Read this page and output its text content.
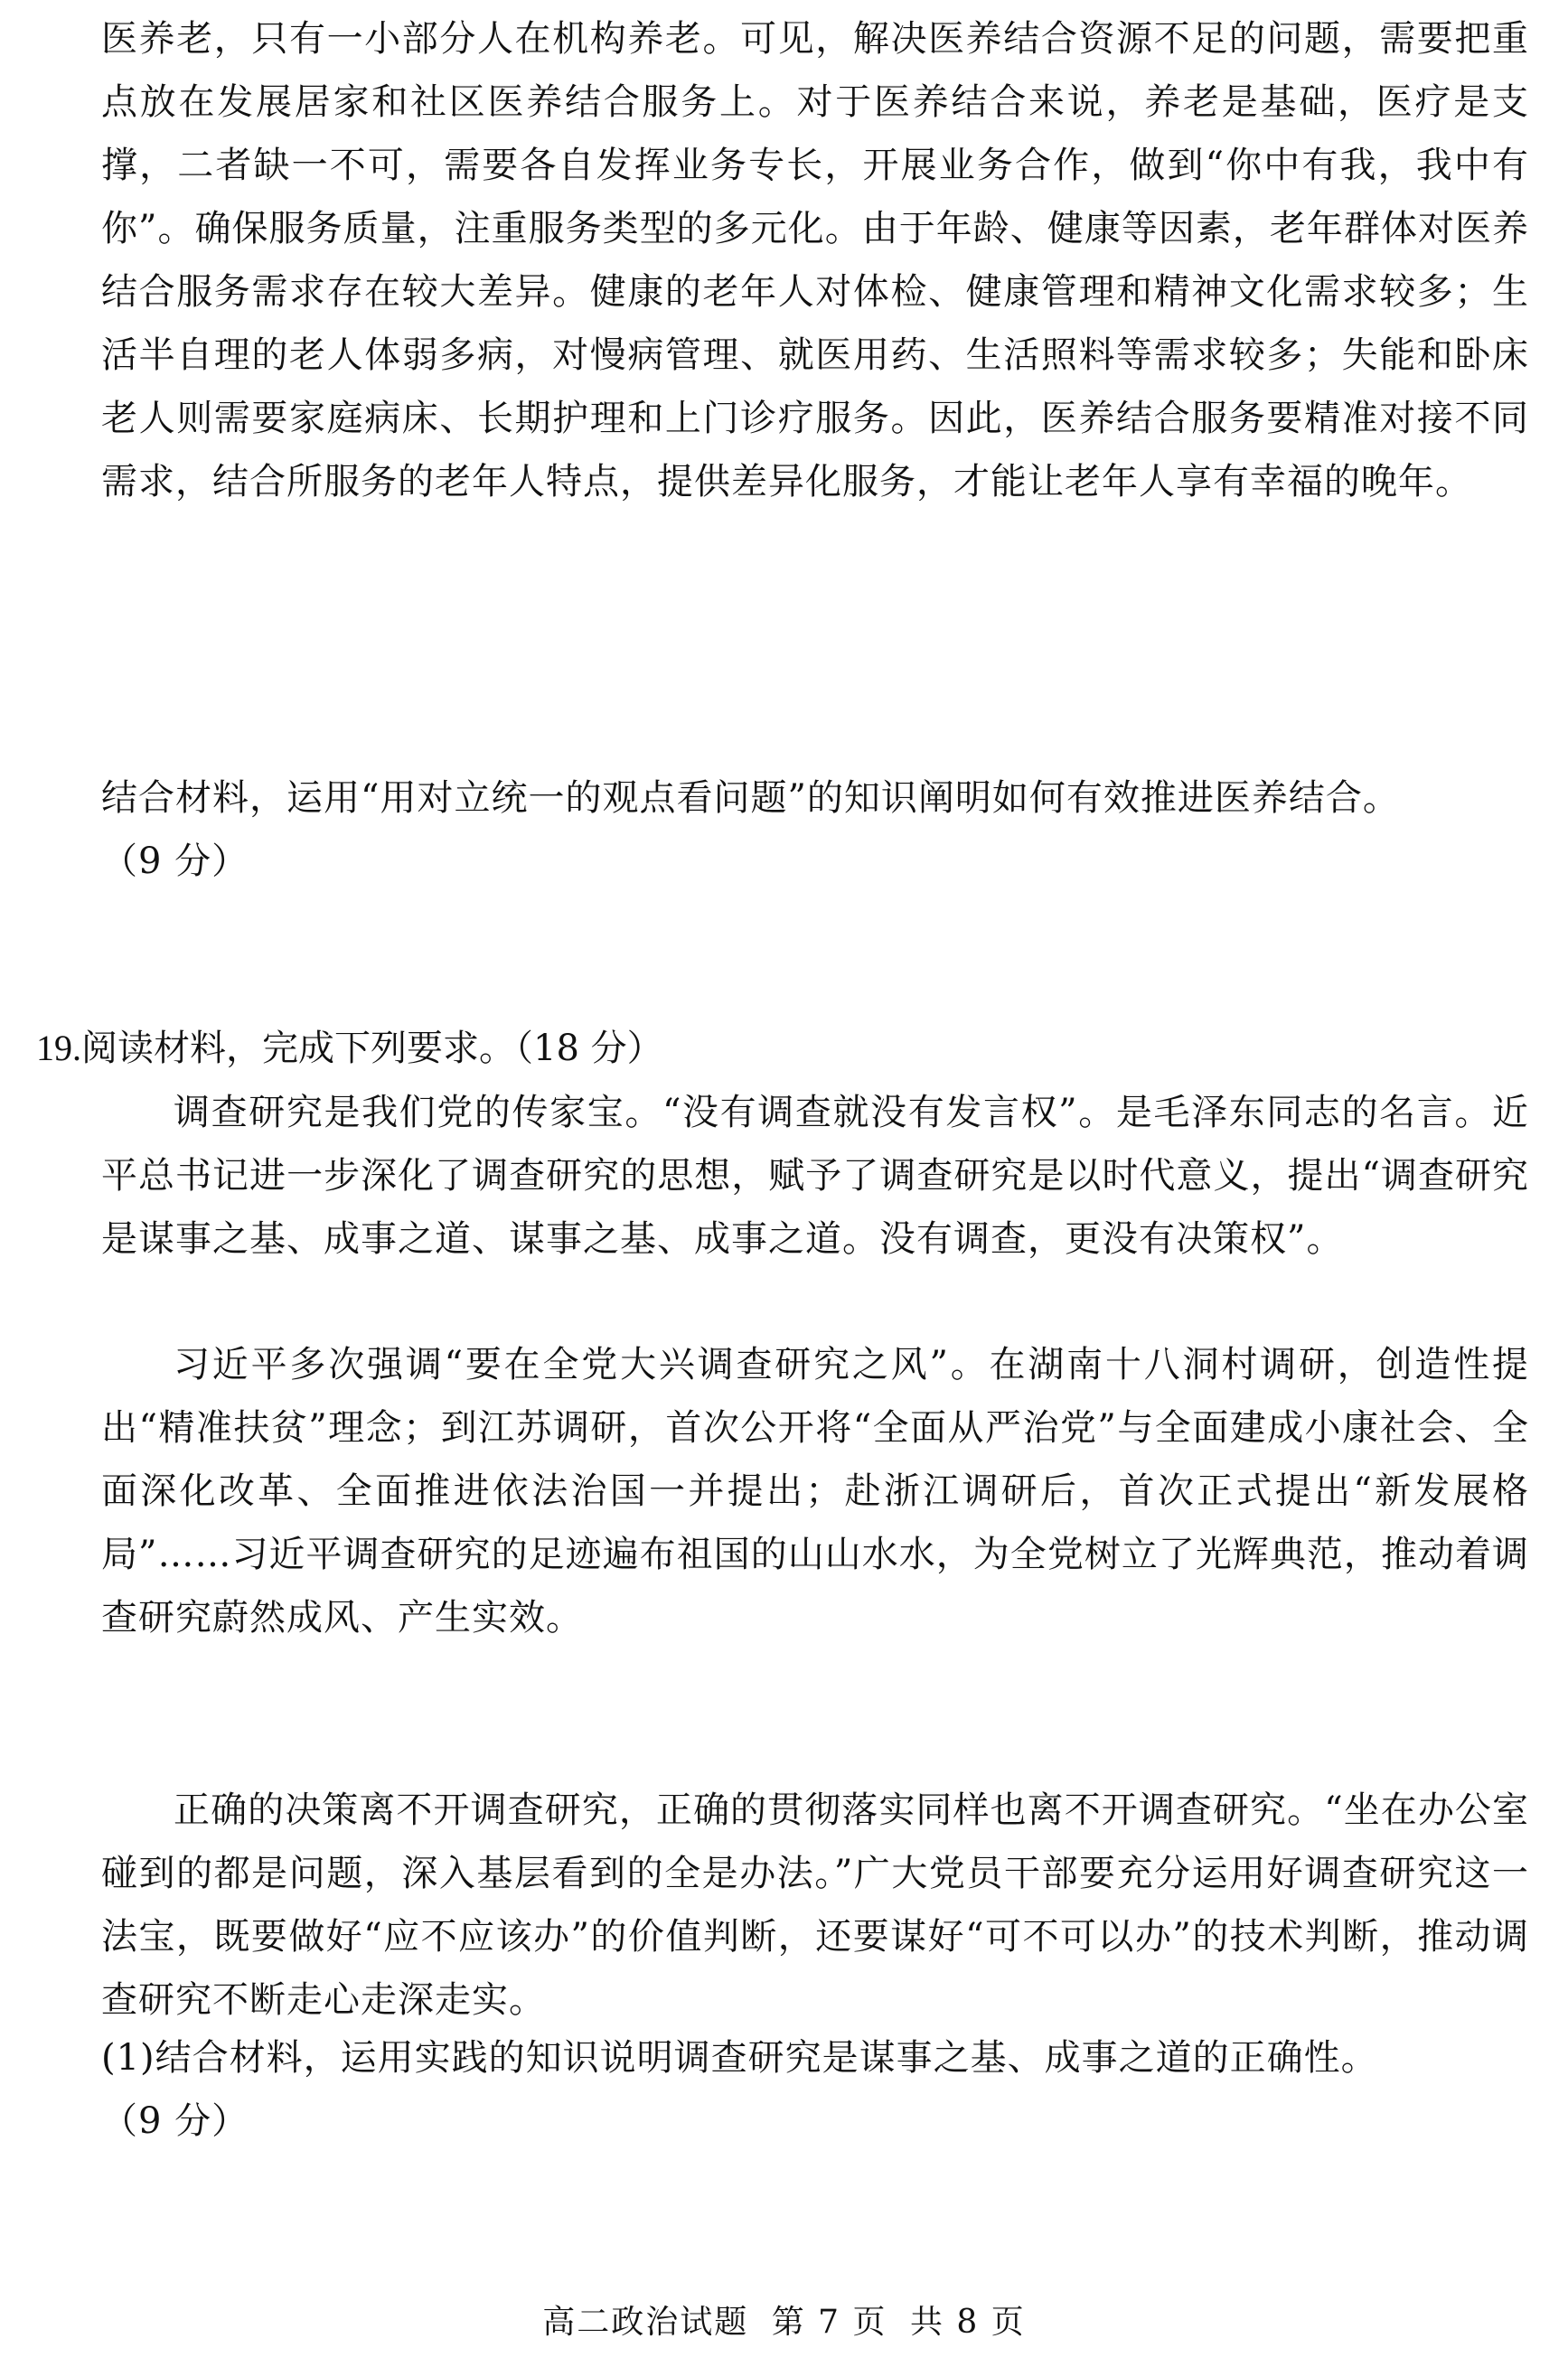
医养老，只有一小部分人在机构养老。可见，解决医养结合资源不足的问题，需要把重点放在发展居家和社区医养结合服务上。对于医养结合来说，养老是基础，医疗是支撑，二者缺一不可，需要各自发挥业务专长，开展业务合作，做到“你中有我，我中有你”。确保服务质量，注重服务类型的多元化。由于年龄、健康等因素，老年群体对医养结合服务需求存在较大差异。健康的老年人对体检、健康管理和精神文化需求较多；生活半自理的老人体弱多病，对慢病管理、就医用药、生活照料等需求较多；失能和卧床老人则需要家庭病床、长期护理和上门诊疗服务。因此，医养结合服务要精准对接不同需求，结合所服务的老年人特点，提供差异化服务，才能让老年人享有幸福的晚年。

结合材料，运用“用对立统一的观点看问题”的知识阐明如何有效推进医养结合。

（9 分）

19.阅读材料，完成下列要求。（18 分）

调查研究是我们党的传家宝。“没有调查就没有发言权”。是毛泽东同志的名言。近平总书记进一步深化了调查研究的思想，赋予了调查研究是以时代意义，提出“调查研究是谋事之基、成事之道、谋事之基、成事之道。没有调查，更没有决策权”。

习近平多次强调“要在全党大兴调查研究之风”。在湖南十八洞村调研，创造性提出“精准扶贫”理念；到江苏调研，首次公开将“全面从严治党”与全面建成小康社会、全面深化改革、全面推进依法治国一并提出；赴浙江调研后，首次正式提出“新发展格局”……习近平调查研究的足迹遍布祖国的山山水水，为全党树立了光辉典范，推动着调查研究蔚然成风、产生实效。

正确的决策离不开调查研究，正确的贯彻落实同样也离不开调查研究。“坐在办公室碰到的都是问题，深入基层看到的全是办法。”广大党员干部要充分运用好调查研究这一法宝，既要做好“应不应该办”的价值判断，还要谋好“可不可以办”的技术判断，推动调查研究不断走心走深走实。

(1)结合材料，运用实践的知识说明调查研究是谋事之基、成事之道的正确性。

（9 分）

高二政治试题 第 7 页 共 8 页
